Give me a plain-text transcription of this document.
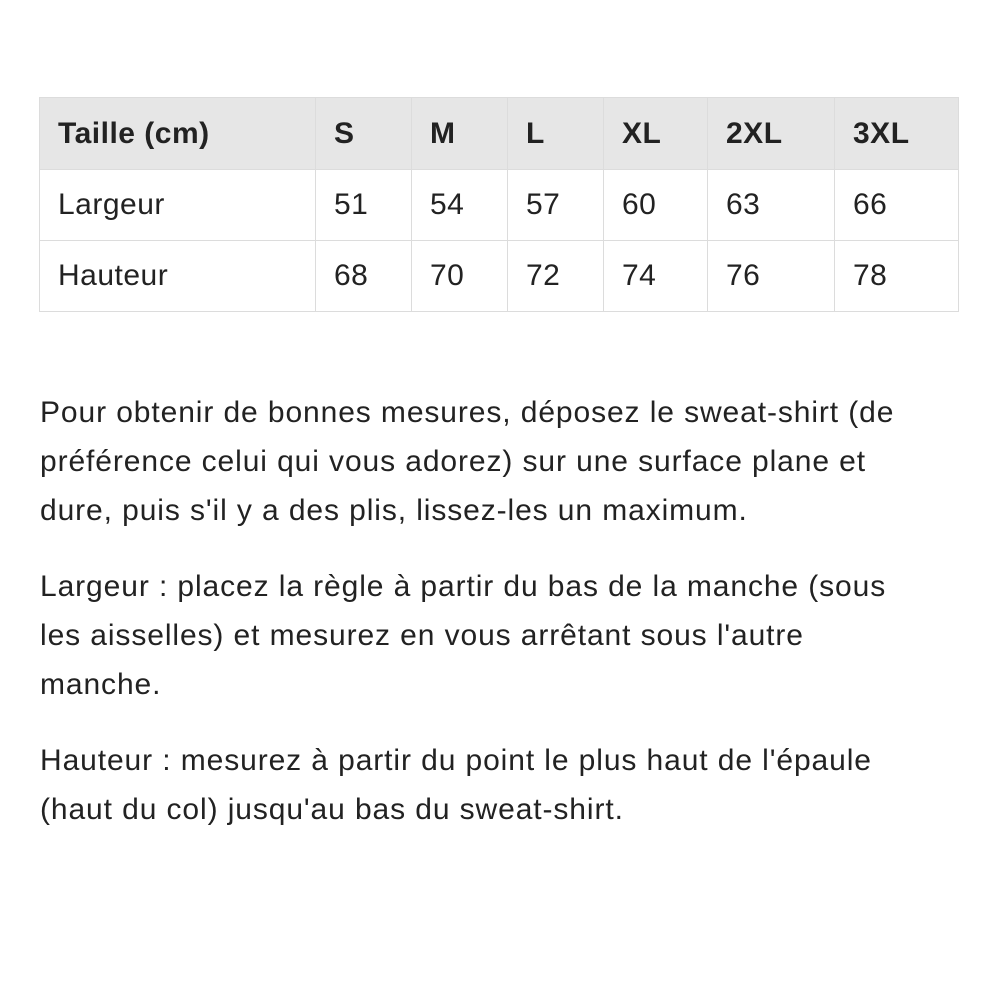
Taille (cm)	S	M	L	XL	2XL	3XL
Largeur	51	54	57	60	63	66
Hauteur	68	70	72	74	76	78

Pour obtenir de bonnes mesures, déposez le sweat-shirt (de préférence celui qui vous adorez) sur une surface plane et dure, puis s'il y a des plis, lissez-les un maximum.

Largeur : placez la règle à partir du bas de la manche (sous les aisselles) et mesurez en vous arrêtant sous l'autre manche.

Hauteur : mesurez à partir du point le plus haut de l'épaule (haut du col) jusqu'au bas du sweat-shirt.
